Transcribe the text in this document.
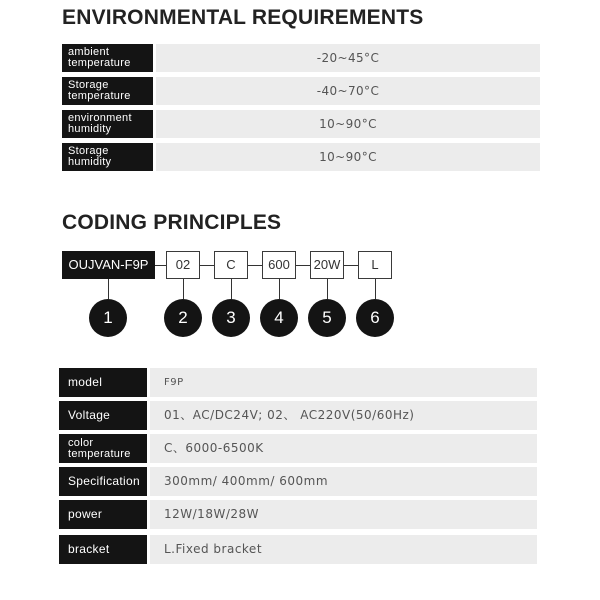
ENVIRONMENTAL REQUIREMENTS
ambient
temperature	-20~45°C
Storage
temperature	-40~70°C
environment
humidity	10~90°C
Storage
humidity	10~90°C
CODING PRINCIPLES
OUJVAN-F9P	02	C	600	20W	L
1	2	3	4	5	6
model	F9P
Voltage	01、AC/DC24V; 02、 AC220V(50/60Hz)
color
temperature	C、6000-6500K
Specification	300mm/ 400mm/ 600mm
power	12W/18W/28W
bracket	L.Fixed bracket
